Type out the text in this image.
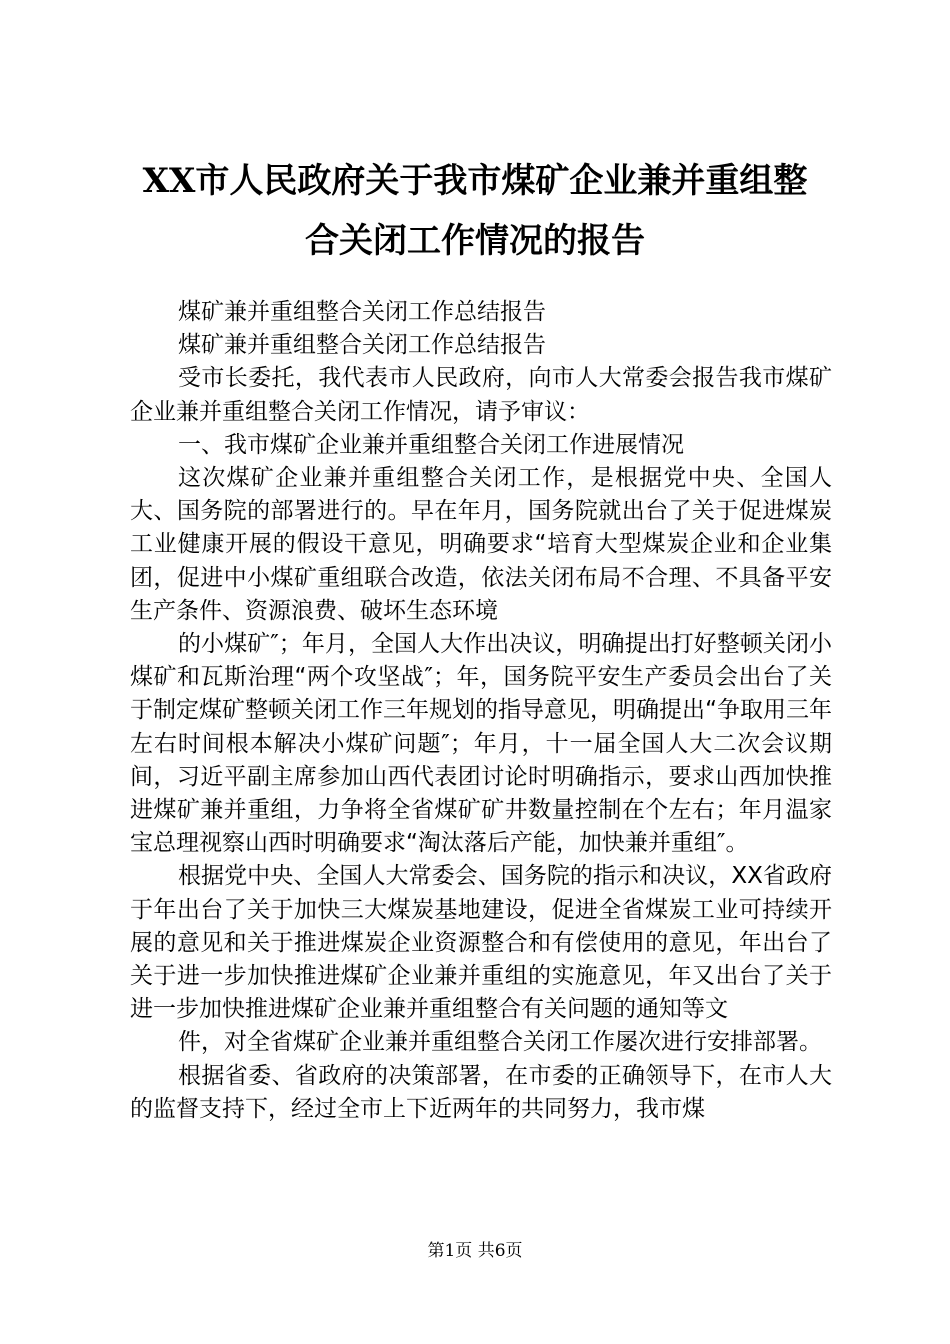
XX市人民政府关于我市煤矿企业兼并重组整
合关闭工作情况的报告

煤矿兼并重组整合关闭工作总结报告

煤矿兼并重组整合关闭工作总结报告

受市长委托，我代表市人民政府，向市人大常委会报告我市煤矿企业兼并重组整合关闭工作情况，请予审议：

一、我市煤矿企业兼并重组整合关闭工作进展情况

这次煤矿企业兼并重组整合关闭工作，是根据党中央、全国人大、国务院的部署进行的。早在年月，国务院就出台了关于促进煤炭工业健康开展的假设干意见，明确要求“培育大型煤炭企业和企业集团，促进中小煤矿重组联合改造，依法关闭布局不合理、不具备平安生产条件、资源浪费、破坏生态环境

的小煤矿″；年月，全国人大作出决议，明确提出打好整顿关闭小煤矿和瓦斯治理“两个攻坚战″；年，国务院平安生产委员会出台了关于制定煤矿整顿关闭工作三年规划的指导意见，明确提出“争取用三年左右时间根本解决小煤矿问题″；年月，十一届全国人大二次会议期间，习近平副主席参加山西代表团讨论时明确指示，要求山西加快推进煤矿兼并重组，力争将全省煤矿矿井数量控制在个左右；年月温家宝总理视察山西时明确要求“淘汰落后产能，加快兼并重组″。

根据党中央、全国人大常委会、国务院的指示和决议，XX省政府于年出台了关于加快三大煤炭基地建设，促进全省煤炭工业可持续开展的意见和关于推进煤炭企业资源整合和有偿使用的意见，年出台了关于进一步加快推进煤矿企业兼并重组的实施意见，年又出台了关于进一步加快推进煤矿企业兼并重组整合有关问题的通知等文

件，对全省煤矿企业兼并重组整合关闭工作屡次进行安排部署。

根据省委、省政府的决策部署，在市委的正确领导下，在市人大的监督支持下，经过全市上下近两年的共同努力，我市煤

第1页 共6页
